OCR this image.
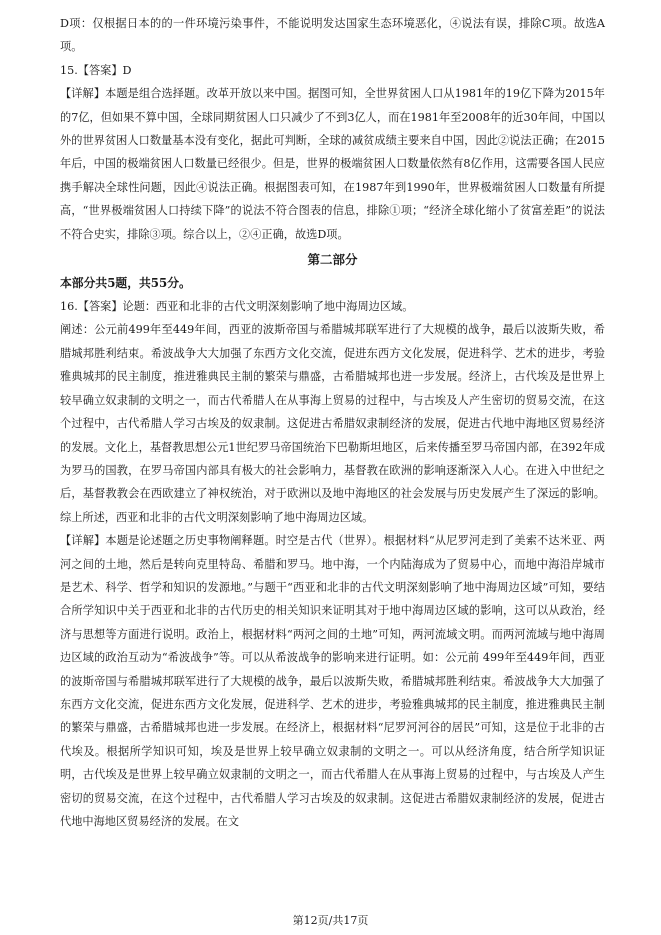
D项：仅根据日本的的一件环境污染事件，不能说明发达国家生态环境恶化，④说法有误，排除C项。故选A项。

15.【答案】D

【详解】本题是组合选择题。改革开放以来中国。据图可知，全世界贫困人口从1981年的19亿下降为2015年的7亿，但如果不算中国，全球同期贫困人口只减少了不到3亿人，而在1981年至2008年的近30年间，中国以外的世界贫困人口数量基本没有变化，据此可判断，全球的减贫成绩主要来自中国，因此②说法正确；在2015年后，中国的极端贫困人口数量已经很少。但是，世界的极端贫困人口数量依然有8亿作用，这需要各国人民应携手解决全球性问题，因此④说法正确。根据图表可知，在1987年到1990年，世界极端贫困人口数量有所提高，“世界极端贫困人口持续下降”的说法不符合图表的信息，排除①项；“经济全球化缩小了贫富差距”的说法不符合史实，排除③项。综合以上，②④正确，故选D项。

第二部分

本部分共5题，共55分。

16.【答案】论题：西亚和北非的古代文明深刻影响了地中海周边区域。

阐述：公元前499年至449年间，西亚的波斯帝国与希腊城邦联军进行了大规模的战争，最后以波斯失败，希腊城邦胜利结束。希波战争大大加强了东西方文化交流，促进东西方文化发展，促进科学、艺术的进步，考验雅典城邦的民主制度，推进雅典民主制的繁荣与鼎盛，古希腊城邦也进一步发展。经济上，古代埃及是世界上较早确立奴隶制的文明之一，而古代希腊人在从事海上贸易的过程中，与古埃及人产生密切的贸易交流，在这个过程中，古代希腊人学习古埃及的奴隶制。这促进古希腊奴隶制经济的发展，促进古代地中海地区贸易经济的发展。文化上，基督教思想公元1世纪罗马帝国统治下巴勒斯坦地区，后来传播至罗马帝国内部，在392年成为罗马的国教，在罗马帝国内部具有极大的社会影响力，基督教在欧洲的影响逐渐深入人心。在进入中世纪之后，基督教教会在西欧建立了神权统治，对于欧洲以及地中海地区的社会发展与历史发展产生了深远的影响。综上所述，西亚和北非的古代文明深刻影响了地中海周边区域。

【详解】本题是论述题之历史事物阐释题。时空是古代（世界）。根据材料“从尼罗河走到了美索不达米亚、两河之间的土地，然后是转向克里特岛、希腊和罗马。地中海，一个内陆海成为了贸易中心，而地中海沿岸城市是艺术、科学、哲学和知识的发源地。”与题干“西亚和北非的古代文明深刻影响了地中海周边区域”可知，要结合所学知识中关于西亚和北非的古代历史的相关知识来证明其对于地中海周边区域的影响，这可以从政治，经济与思想等方面进行说明。政治上，根据材料“两河之间的土地”可知，两河流域文明。而两河流域与地中海周边区域的政治互动为“希波战争”等。可以从希波战争的影响来进行证明。如：公元前 499年至449年间，西亚的波斯帝国与希腊城邦联军进行了大规模的战争，最后以波斯失败，希腊城邦胜利结束。希波战争大大加强了东西方文化交流，促进东西方文化发展，促进科学、艺术的进步，考验雅典城邦的民主制度，推进雅典民主制的繁荣与鼎盛，古希腊城邦也进一步发展。在经济上，根据材料“尼罗河河谷的居民”可知，这是位于北非的古代埃及。根据所学知识可知，埃及是世界上较早确立奴隶制的文明之一。可以从经济角度，结合所学知识证明，古代埃及是世界上较早确立奴隶制的文明之一，而古代希腊人在从事海上贸易的过程中，与古埃及人产生密切的贸易交流，在这个过程中，古代希腊人学习古埃及的奴隶制。这促进古希腊奴隶制经济的发展，促进古代地中海地区贸易经济的发展。在文

第12页/共17页
